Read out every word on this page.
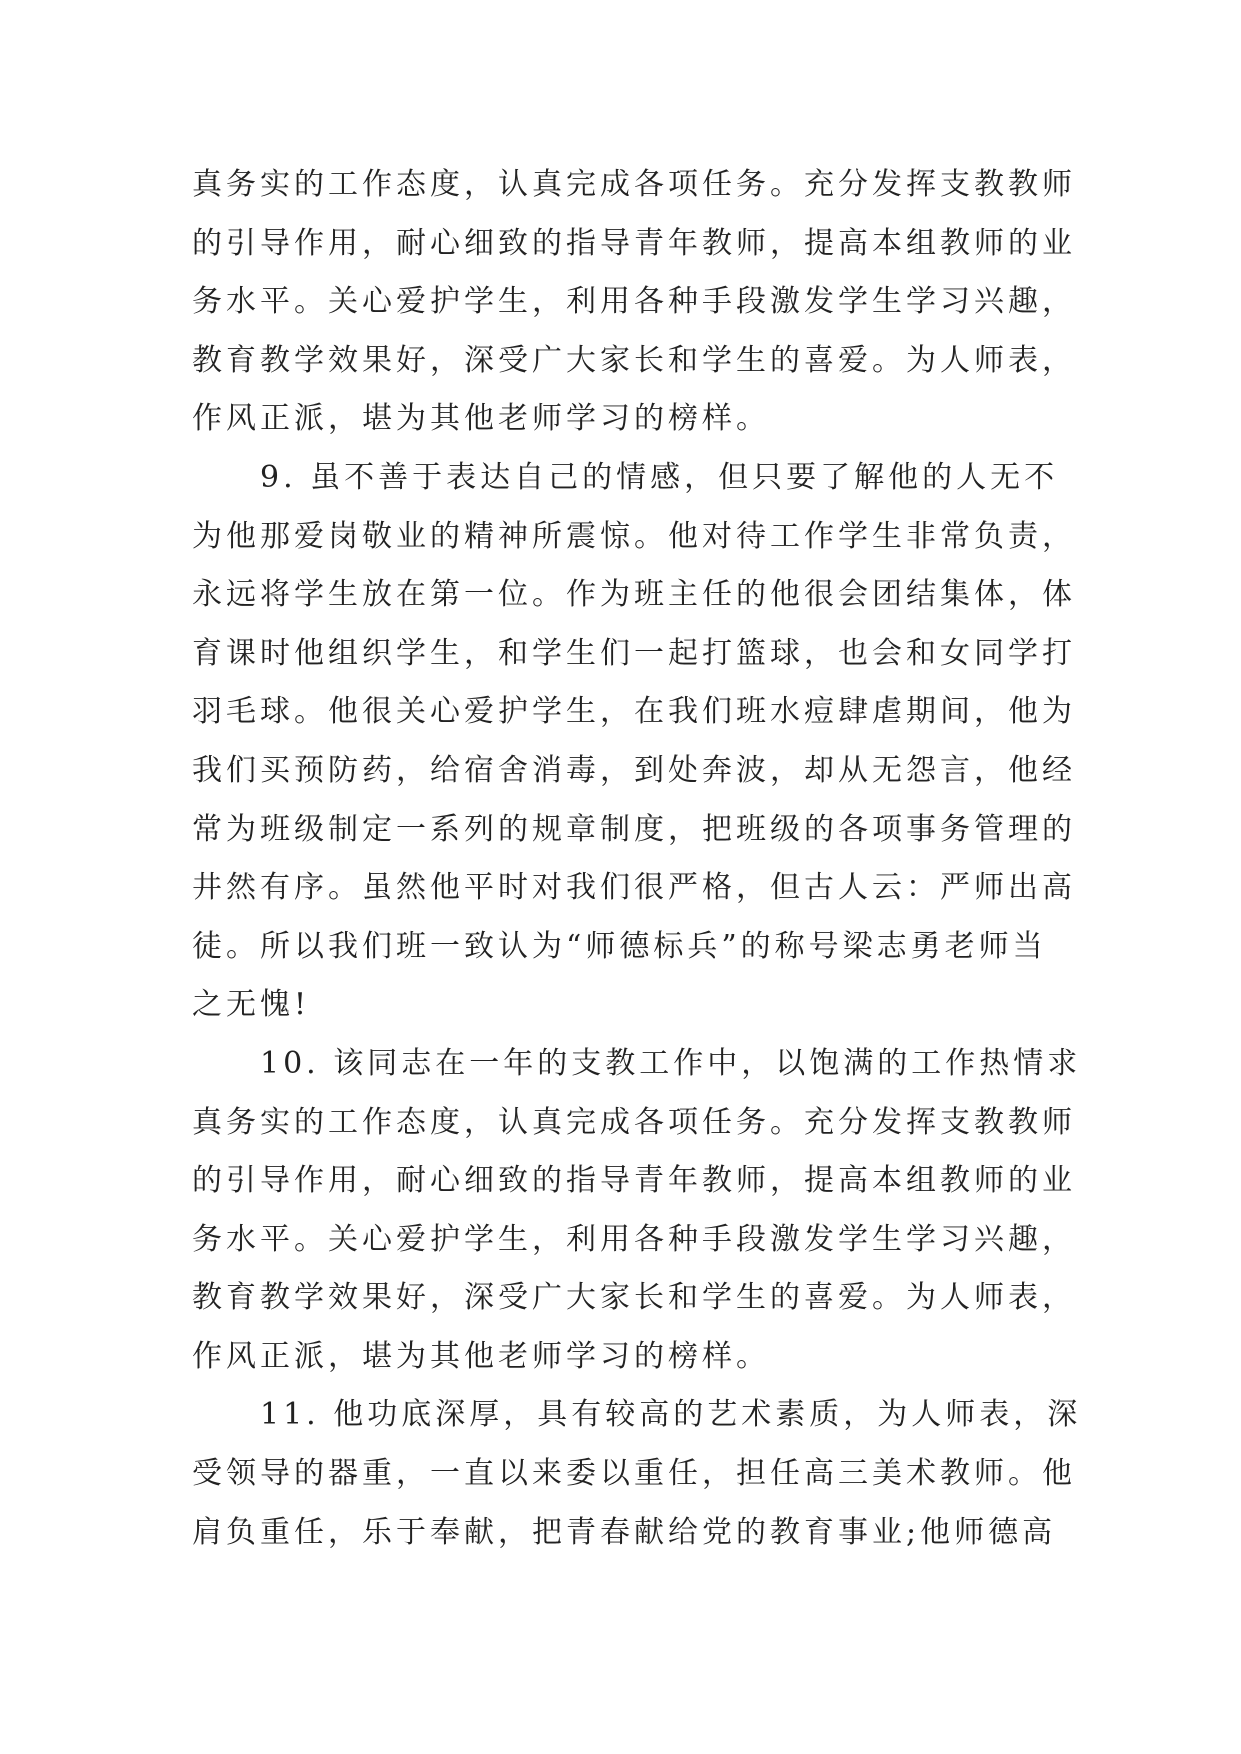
真务实的工作态度，认真完成各项任务。充分发挥支教教师
的引导作用，耐心细致的指导青年教师，提高本组教师的业
务水平。关心爱护学生，利用各种手段激发学生学习兴趣，
教育教学效果好，深受广大家长和学生的喜爱。为人师表，
作风正派，堪为其他老师学习的榜样。
　　9. 虽不善于表达自己的情感，但只要了解他的人无不
为他那爱岗敬业的精神所震惊。他对待工作学生非常负责，
永远将学生放在第一位。作为班主任的他很会团结集体，体
育课时他组织学生，和学生们一起打篮球，也会和女同学打
羽毛球。他很关心爱护学生，在我们班水痘肆虐期间，他为
我们买预防药，给宿舍消毒，到处奔波，却从无怨言，他经
常为班级制定一系列的规章制度，把班级的各项事务管理的
井然有序。虽然他平时对我们很严格，但古人云：严师出高
徒。所以我们班一致认为“师德标兵”的称号梁志勇老师当
之无愧!
　　10. 该同志在一年的支教工作中，以饱满的工作热情求
真务实的工作态度，认真完成各项任务。充分发挥支教教师
的引导作用，耐心细致的指导青年教师，提高本组教师的业
务水平。关心爱护学生，利用各种手段激发学生学习兴趣，
教育教学效果好，深受广大家长和学生的喜爱。为人师表，
作风正派，堪为其他老师学习的榜样。
　　11. 他功底深厚，具有较高的艺术素质，为人师表，深
受领导的器重，一直以来委以重任，担任高三美术教师。他
肩负重任，乐于奉献，把青春献给党的教育事业;他师德高
